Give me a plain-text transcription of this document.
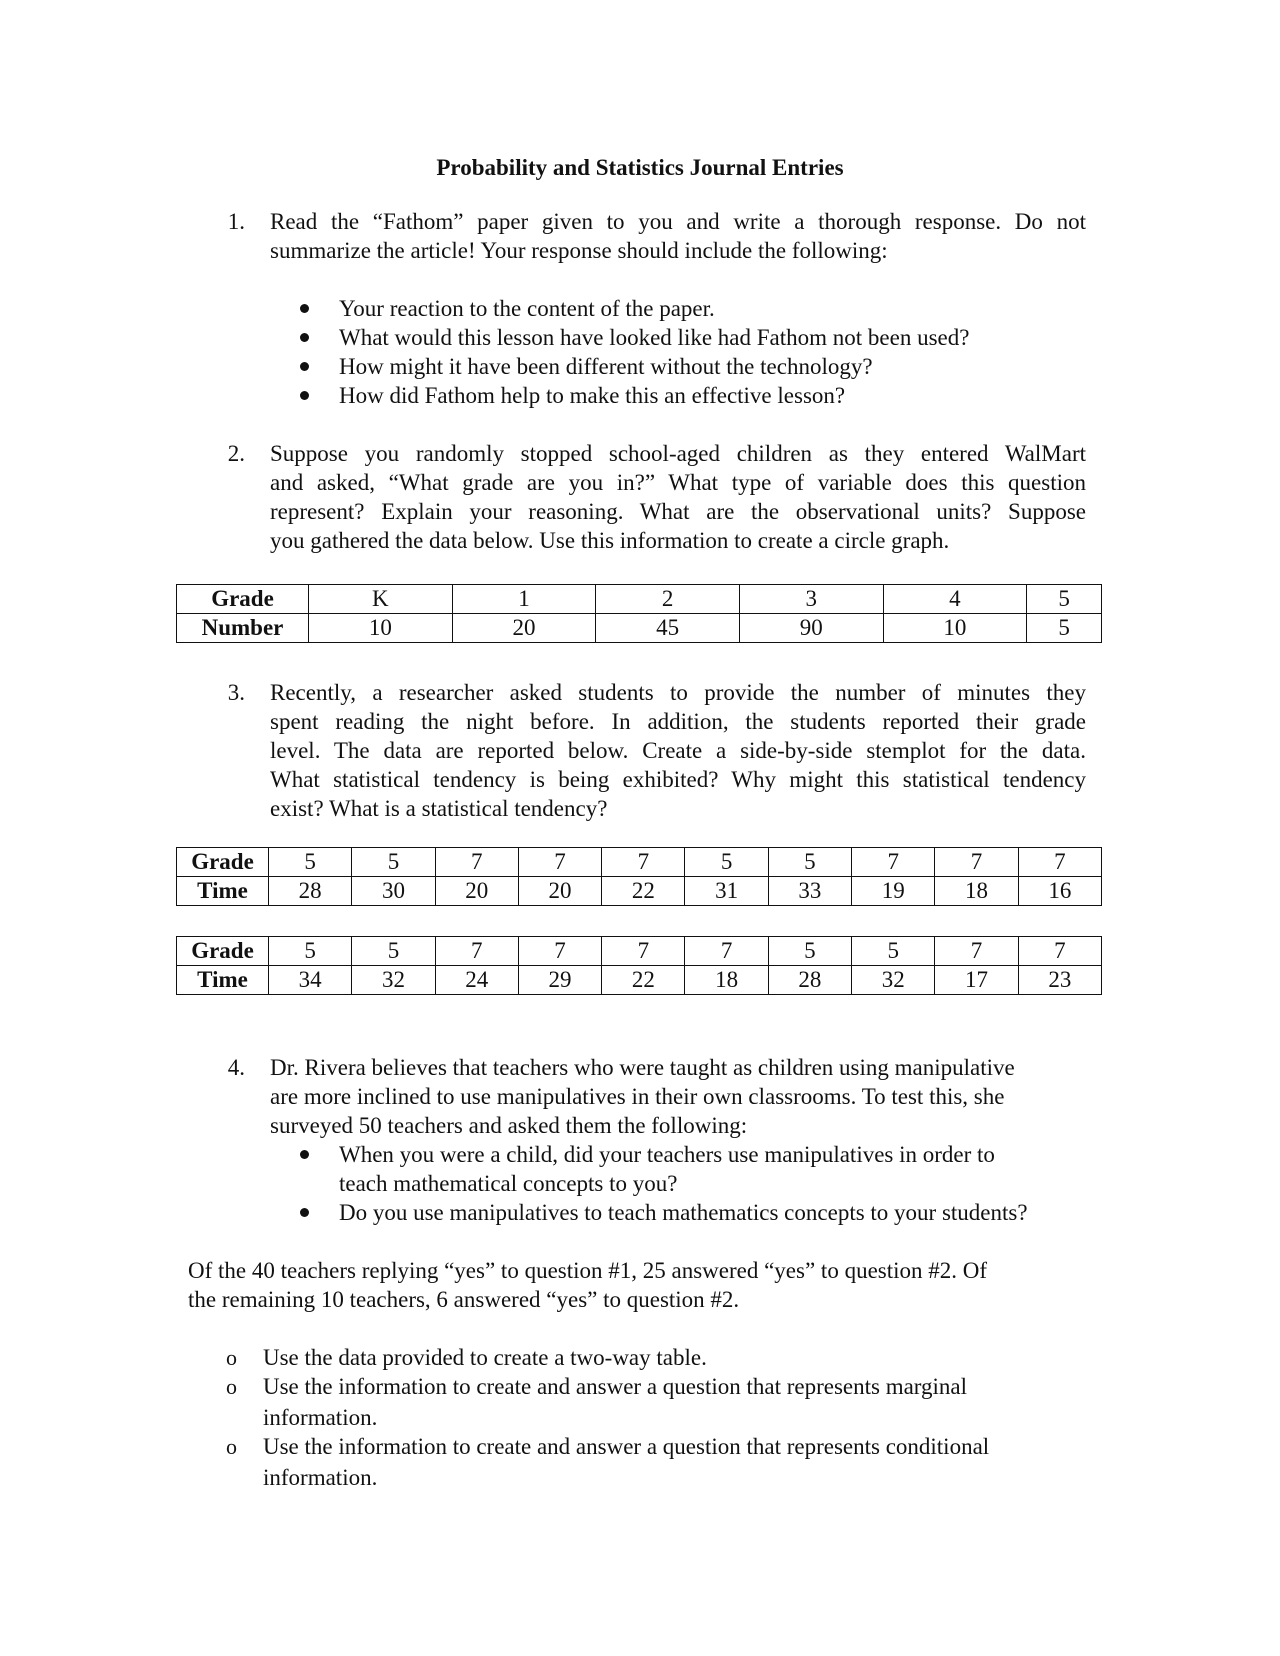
Probability and Statistics Journal Entries
1. Read the “Fathom” paper given to you and write a thorough response. Do not
summarize the article! Your response should include the following:
Your reaction to the content of the paper.
What would this lesson have looked like had Fathom not been used?
How might it have been different without the technology?
How did Fathom help to make this an effective lesson?
2. Suppose you randomly stopped school-aged children as they entered WalMart
and asked, “What grade are you in?” What type of variable does this question
represent? Explain your reasoning. What are the observational units? Suppose
you gathered the data below. Use this information to create a circle graph.
Grade	K	1	2	3	4	5
Number	10	20	45	90	10	5
3. Recently, a researcher asked students to provide the number of minutes they
spent reading the night before. In addition, the students reported their grade
level. The data are reported below. Create a side-by-side stemplot for the data.
What statistical tendency is being exhibited? Why might this statistical tendency
exist? What is a statistical tendency?
Grade	5	5	7	7	7	5	5	7	7	7
Time	28	30	20	20	22	31	33	19	18	16
Grade	5	5	7	7	7	7	5	5	7	7
Time	34	32	24	29	22	18	28	32	17	23
4. Dr. Rivera believes that teachers who were taught as children using manipulative
are more inclined to use manipulatives in their own classrooms. To test this, she
surveyed 50 teachers and asked them the following:
When you were a child, did your teachers use manipulatives in order to
teach mathematical concepts to you?
Do you use manipulatives to teach mathematics concepts to your students?
Of the 40 teachers replying “yes” to question #1, 25 answered “yes” to question #2. Of
the remaining 10 teachers, 6 answered “yes” to question #2.
o Use the data provided to create a two-way table.
o Use the information to create and answer a question that represents marginal
information.
o Use the information to create and answer a question that represents conditional
information.
